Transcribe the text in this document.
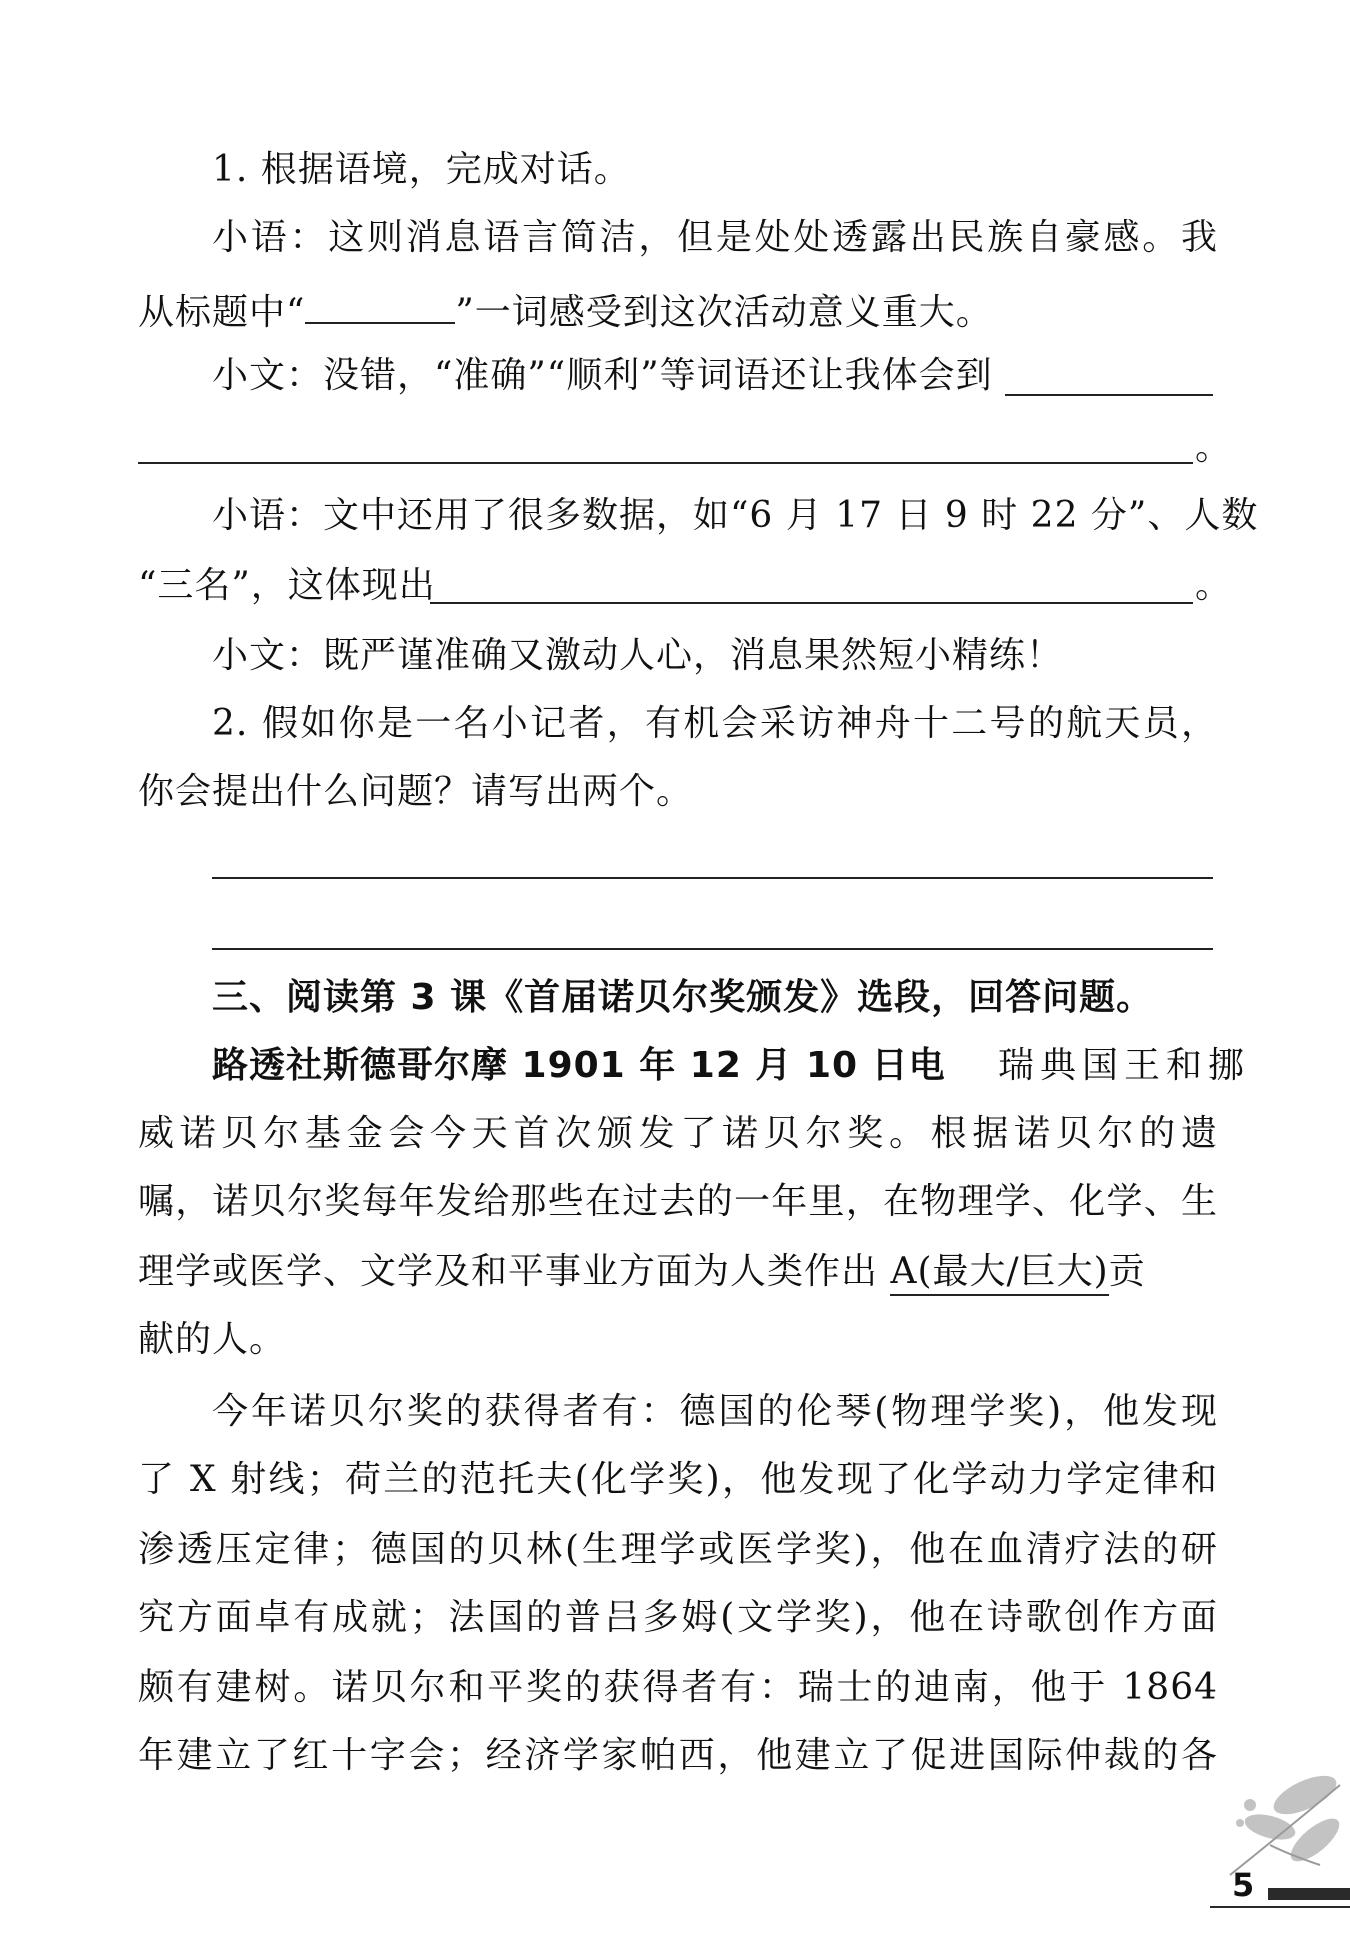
1. 根据语境，完成对话。
小语：这则消息语言简洁，但是处处透露出民族自豪感。我
从标题中“	”一词感受到这次活动意义重大。
小文：没错，“准确”“顺利”等词语还让我体会到
。
小语：文中还用了很多数据，如“6 月 17 日 9 时 22 分”、人数
“三名”，这体现出	。
小文：既严谨准确又激动人心，消息果然短小精练！
2. 假如你是一名小记者，有机会采访神舟十二号的航天员，
你会提出什么问题？请写出两个。
三、阅读第 3 课《首届诺贝尔奖颁发》选段，回答问题。
路透社斯德哥尔摩 1901 年 12 月 10 日电 瑞典国王和挪
威诺贝尔基金会今天首次颁发了诺贝尔奖。根据诺贝尔的遗
嘱，诺贝尔奖每年发给那些在过去的一年里，在物理学、化学、生
理学或医学、文学及和平事业方面为人类作出 A(最大/巨大)贡
献的人。
今年诺贝尔奖的获得者有：德国的伦琴(物理学奖)，他发现
了 X 射线；荷兰的范托夫(化学奖)，他发现了化学动力学定律和
渗透压定律；德国的贝林(生理学或医学奖)，他在血清疗法的研
究方面卓有成就；法国的普吕多姆(文学奖)，他在诗歌创作方面
颇有建树。诺贝尔和平奖的获得者有：瑞士的迪南，他于 1864
年建立了红十字会；经济学家帕西，他建立了促进国际仲裁的各
5
